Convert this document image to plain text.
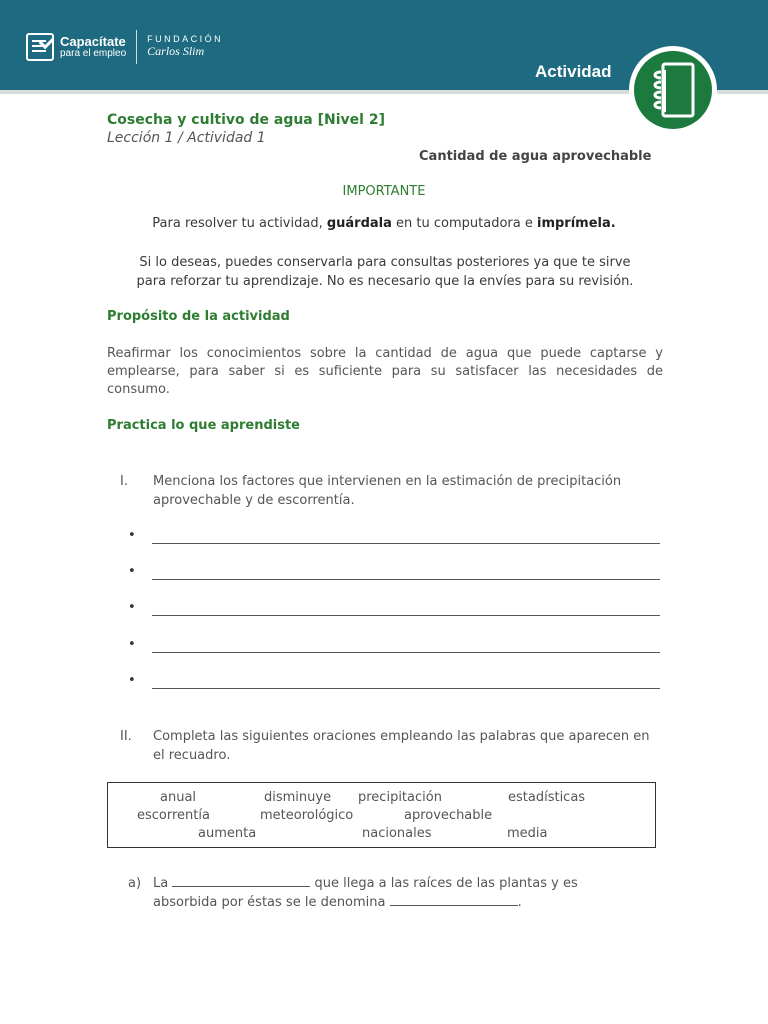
Capacítate
para el empleo
FUNDACIÓN
Carlos Slim
Actividad
Cosecha y cultivo de agua [Nivel 2]
Lección 1 / Actividad 1
Cantidad de agua aprovechable
IMPORTANTE
Para resolver tu actividad, guárdala en tu computadora e imprímela.
Si lo deseas, puedes conservarla para consultas posteriores ya que te sirve
para reforzar tu aprendizaje. No es necesario que la envíes para su revisión.
Propósito de la actividad
Reafirmar los conocimientos sobre la cantidad de agua que puede captarse y emplearse, para saber si es suficiente para su satisfacer las necesidades de consumo.
Practica lo que aprendiste
I.	Menciona los factores que intervienen en la estimación de precipitación aprovechable y de escorrentía.
•
•
•
•
•
II.	Completa las siguientes oraciones empleando las palabras que aparecen en el recuadro.
anual	disminuye precipitación	estadísticas
escorrentía	meteorológico	aprovechable
aumenta	nacionales	media
a) La	que llega a las raíces de las plantas y es
absorbida por éstas se le denomina	.
